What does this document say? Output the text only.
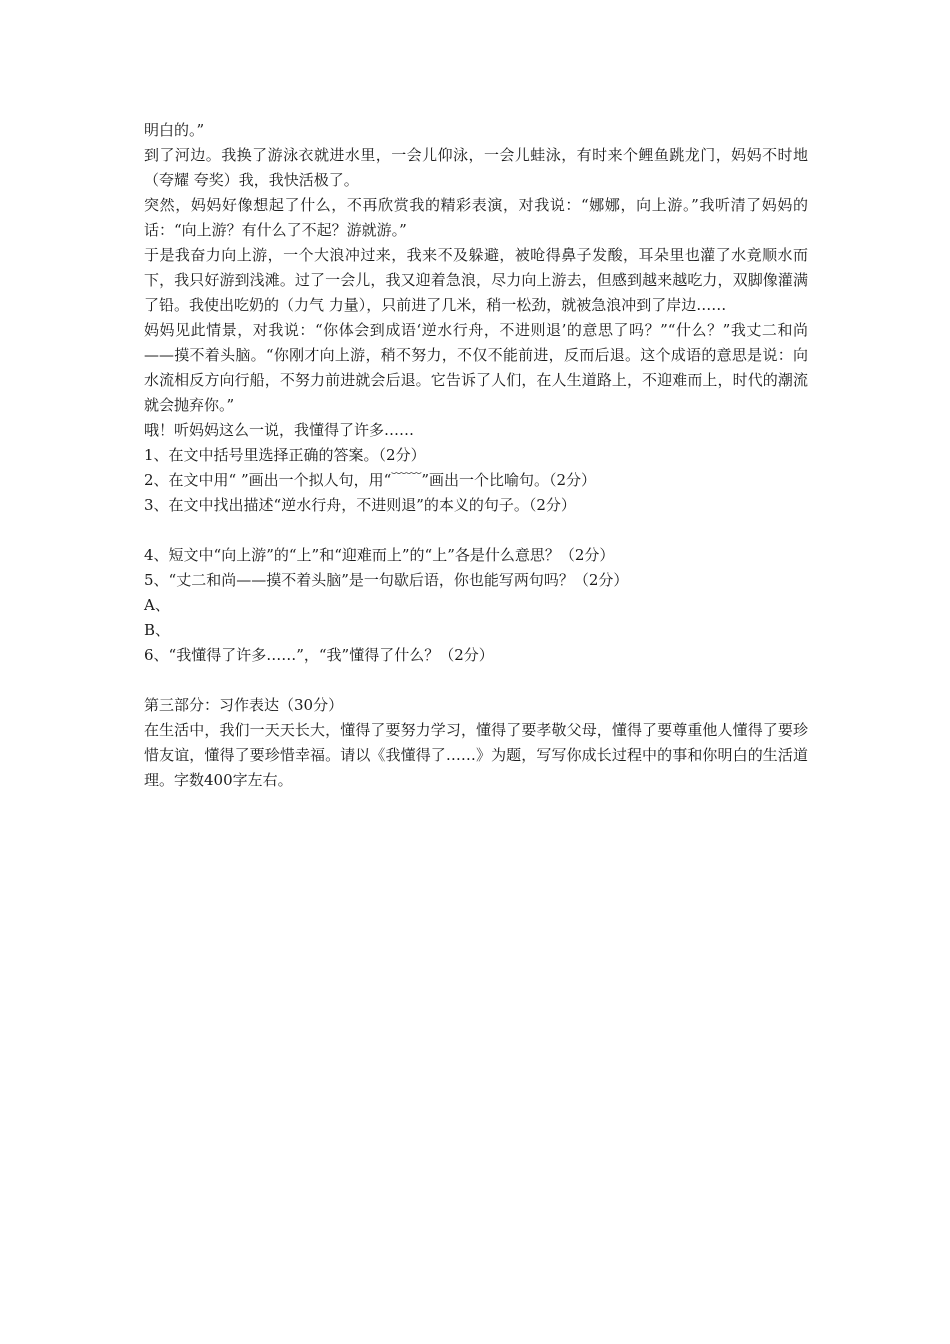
明白的。”

到了河边。我换了游泳衣就进水里，一会儿仰泳，一会儿蛙泳，有时来个鲤鱼跳龙门，妈妈不时地（夸耀 夸奖）我，我快活极了。

突然，妈妈好像想起了什么，不再欣赏我的精彩表演，对我说：“娜娜，向上游。”我听清了妈妈的话：“向上游？有什么了不起？游就游。”

于是我奋力向上游，一个大浪冲过来，我来不及躲避，被呛得鼻子发酸，耳朵里也灌了水竟顺水而下，我只好游到浅滩。过了一会儿，我又迎着急浪，尽力向上游去，但感到越来越吃力，双脚像灌满了铅。我使出吃奶的（力气 力量），只前进了几米，稍一松劲，就被急浪冲到了岸边……

妈妈见此情景，对我说：“你体会到成语‘逆水行舟，不进则退’的意思了吗？”“什么？”我丈二和尚——摸不着头脑。“你刚才向上游，稍不努力，不仅不能前进，反而后退。这个成语的意思是说：向水流相反方向行船，不努力前进就会后退。它告诉了人们，在人生道路上，不迎难而上，时代的潮流就会抛弃你。”

哦！听妈妈这么一说，我懂得了许多……

1、在文中括号里选择正确的答案。（2分）

2、在文中用“ ”画出一个拟人句，用“﹋﹋”画出一个比喻句。（2分）

3、在文中找出描述“逆水行舟，不进则退”的本义的句子。（2分）

4、短文中“向上游”的“上”和“迎难而上”的“上”各是什么意思？（2分）

5、“丈二和尚——摸不着头脑”是一句歇后语，你也能写两句吗？（2分）

A、

B、

6、“我懂得了许多……”，“我”懂得了什么？（2分）

第三部分：习作表达（30分）

在生活中，我们一天天长大，懂得了要努力学习，懂得了要孝敬父母，懂得了要尊重他人懂得了要珍惜友谊，懂得了要珍惜幸福。请以《我懂得了……》为题，写写你成长过程中的事和你明白的生活道理。字数400字左右。
